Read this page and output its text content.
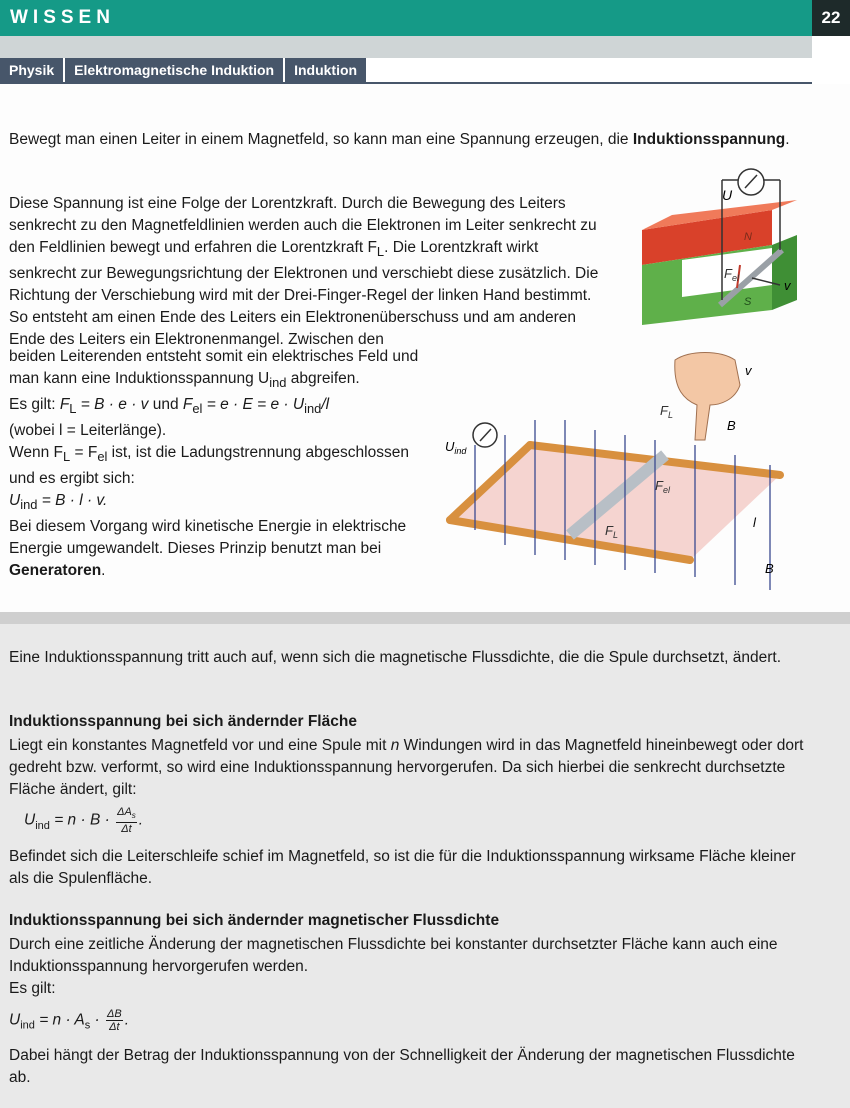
WISSEN	22
Physik	Elektromagnetische Induktion	Induktion

Bewegt man einen Leiter in einem Magnetfeld, so kann man eine Spannung erzeugen, die Induktionsspannung.

Diese Spannung ist eine Folge der Lorentzkraft. Durch die Bewegung des Leiters senkrecht zu den Magnetfeldlinien werden auch die Elektronen im Leiter senkrecht zu den Feldlinien bewegt und erfahren die Lorentzkraft $F_L$. Die Lorentzkraft wirkt senkrecht zur Bewegungsrichtung der Elektronen und verschiebt diese zusätzlich. Die Richtung der Verschiebung wird mit der Drei-Finger-Regel der linken Hand bestimmt. So entsteht am einen Ende des Leiters ein Elektronenüberschuss und am anderen Ende des Leiters ein Elektronenmangel. Zwischen den

beiden Leiterenden entsteht somit ein elektrisches Feld und man kann eine Induktionsspannung $U_{ind}$ abgreifen.
Es gilt: $F_L = B \cdot e \cdot v$ und $F_{el} = e \cdot E = e \cdot U_{ind}/l$
(wobei l = Leiterlänge).
Wenn $F_L = F_{el}$ ist, ist die Ladungstrennung abgeschlossen und es ergibt sich:
$U_{ind} = B \cdot l \cdot v$.
Bei diesem Vorgang wird kinetische Energie in elektrische Energie umgewandelt. Dieses Prinzip benutzt man bei Generatoren.

U
v
$F_{el}$
N
S
$U_{ind}$
v
B
$F_L$
$F_{el}$
$F_L$
l
B

Eine Induktionsspannung tritt auch auf, wenn sich die magnetische Flussdichte, die die Spule durchsetzt, ändert.

Induktionsspannung bei sich ändernder Fläche

Liegt ein konstantes Magnetfeld vor und eine Spule mit n Windungen wird in das Magnetfeld hineinbewegt oder dort gedreht bzw. verformt, so wird eine Induktionsspannung hervorgerufen. Da sich hierbei die senkrecht durchsetzte Fläche ändert, gilt:

$U_{ind} = n \cdot B \cdot \frac{\Delta A_s}{\Delta t}$ .

Befindet sich die Leiterschleife schief im Magnetfeld, so ist die für die Induktionsspannung wirksame Fläche kleiner als die Spulenfläche.

Induktionsspannung bei sich ändernder magnetischer Flussdichte

Durch eine zeitliche Änderung der magnetischen Flussdichte bei konstanter durchsetzter Fläche kann auch eine Induktionsspannung hervorgerufen werden.
Es gilt:

$U_{ind} = n \cdot A_s \cdot \frac{\Delta B}{\Delta t}$ .

Dabei hängt der Betrag der Induktionsspannung von der Schnelligkeit der Änderung der magnetischen Flussdichte ab.
